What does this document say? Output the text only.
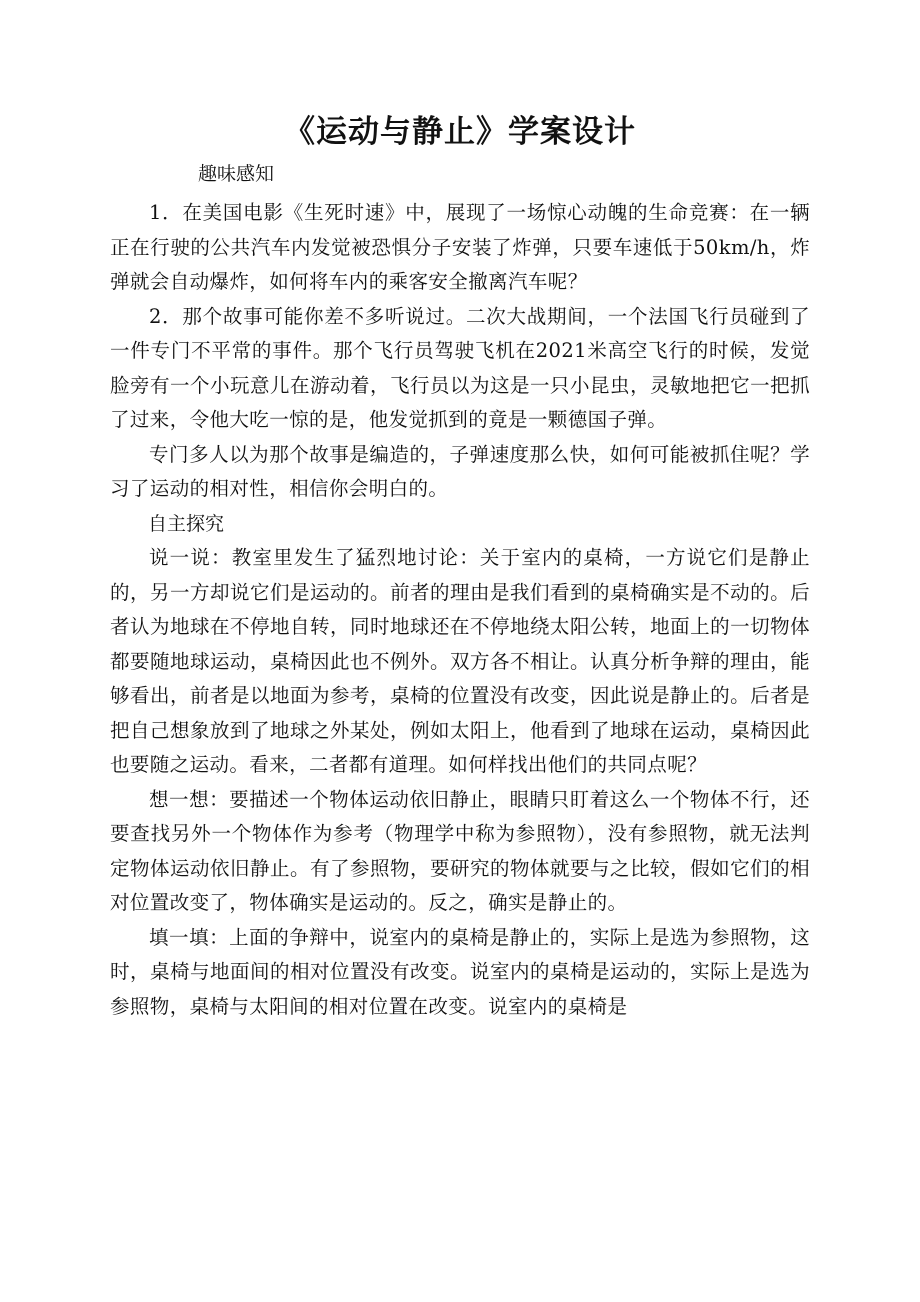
《运动与静止》学案设计
趣味感知

1．在美国电影《生死时速》中，展现了一场惊心动魄的生命竞赛：在一辆正在行驶的公共汽车内发觉被恐惧分子安装了炸弹，只要车速低于50km/h，炸弹就会自动爆炸，如何将车内的乘客安全撤离汽车呢？

2．那个故事可能你差不多听说过。二次大战期间，一个法国飞行员碰到了一件专门不平常的事件。那个飞行员驾驶飞机在2021米高空飞行的时候，发觉脸旁有一个小玩意儿在游动着，飞行员以为这是一只小昆虫，灵敏地把它一把抓了过来，令他大吃一惊的是，他发觉抓到的竟是一颗德国子弹。

专门多人以为那个故事是编造的，子弹速度那么快，如何可能被抓住呢？学习了运动的相对性，相信你会明白的。

自主探究

说一说：教室里发生了猛烈地讨论：关于室内的桌椅，一方说它们是静止的，另一方却说它们是运动的。前者的理由是我们看到的桌椅确实是不动的。后者认为地球在不停地自转，同时地球还在不停地绕太阳公转，地面上的一切物体都要随地球运动，桌椅因此也不例外。双方各不相让。认真分析争辩的理由，能够看出，前者是以地面为参考，桌椅的位置没有改变，因此说是静止的。后者是把自己想象放到了地球之外某处，例如太阳上，他看到了地球在运动，桌椅因此也要随之运动。看来，二者都有道理。如何样找出他们的共同点呢？

想一想：要描述一个物体运动依旧静止，眼睛只盯着这么一个物体不行，还要查找另外一个物体作为参考（物理学中称为参照物），没有参照物，就无法判定物体运动依旧静止。有了参照物，要研究的物体就要与之比较，假如它们的相对位置改变了，物体确实是运动的。反之，确实是静止的。

填一填：上面的争辩中，说室内的桌椅是静止的，实际上是选为参照物，这时，桌椅与地面间的相对位置没有改变。说室内的桌椅是运动的，实际上是选为参照物，桌椅与太阳间的相对位置在改变。说室内的桌椅是
